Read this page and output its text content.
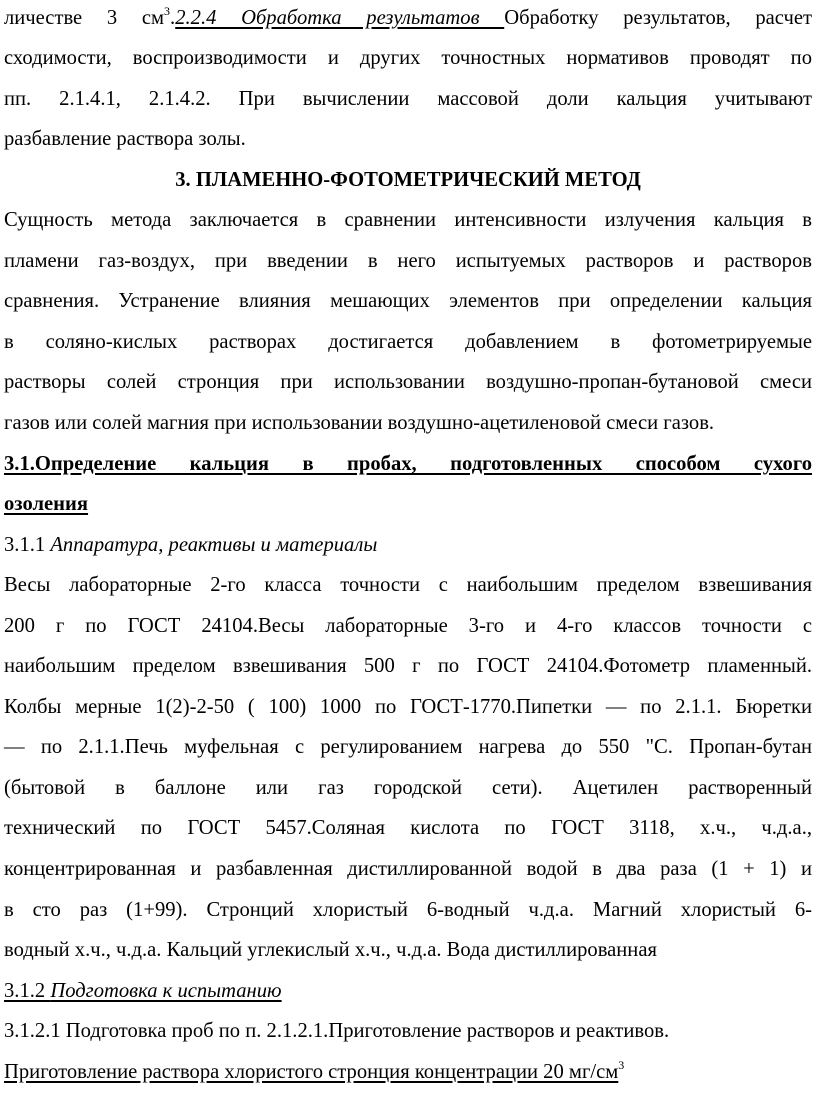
личестве 3 $см^3.2.2.4$ Обработка результатов Обработку результатов, расчет
сходимости, воспроизводимости и других точностных нормативов проводят по
пп. 2.1.4.1, 2.1.4.2. При вычислении массовой доли кальция учитывают
разбавление раствора золы.
3. ПЛАМЕННО-ФОТОМЕТРИЧЕСКИЙ МЕТОД
Сущность метода заключается в сравнении интенсивности излучения кальция в
пламени газ-воздух, при введении в него испытуемых растворов и растворов
сравнения. Устранение влияния мешающих элементов при определении кальция
в соляно-кислых растворах достигается добавлением в фотометрируемые
растворы солей стронция при использовании воздушно-пропан-бутановой смеси
газов или солей магния при использовании воздушно-ацетиленовой смеси газов.
3.1.Определение кальция в пробах, подготовленных способом сухого
озоления
3.1.1 Аппаратура, реактивы и материалы
Весы лабораторные 2-го класса точности с наибольшим пределом взвешивания
200 г по ГОСТ 24104.Весы лабораторные 3-го и 4-го классов точности с
наибольшим пределом взвешивания 500 г по ГОСТ 24104.Фотометр пламенный.
Колбы мерные 1(2)-2-50 ( 100) 1000 по ГОСТ-1770.Пипетки — по 2.1.1. Бюретки
— по 2.1.1.Печь муфельная с регулированием нагрева до 550 "С. Пропан-бутан
(бытовой в баллоне или газ городской сети). Ацетилен растворенный
технический по ГОСТ 5457.Соляная кислота по ГОСТ 3118, х.ч., ч.д.а.,
концентрированная и разбавленная дистиллированной водой в два раза (1 + 1) и
в сто раз (1+99). Стронций хлористый 6-водный ч.д.а. Магний хлористый 6-
водный х.ч., ч.д.а. Кальций углекислый х.ч., ч.д.а. Вода дистиллированная
3.1.2 Подготовка к испытанию
3.1.2.1 Подготовка проб по п. 2.1.2.1.Приготовление растворов и реактивов.
Приготовление раствора хлористого стронция концентрации 20 $мг/см^3$
